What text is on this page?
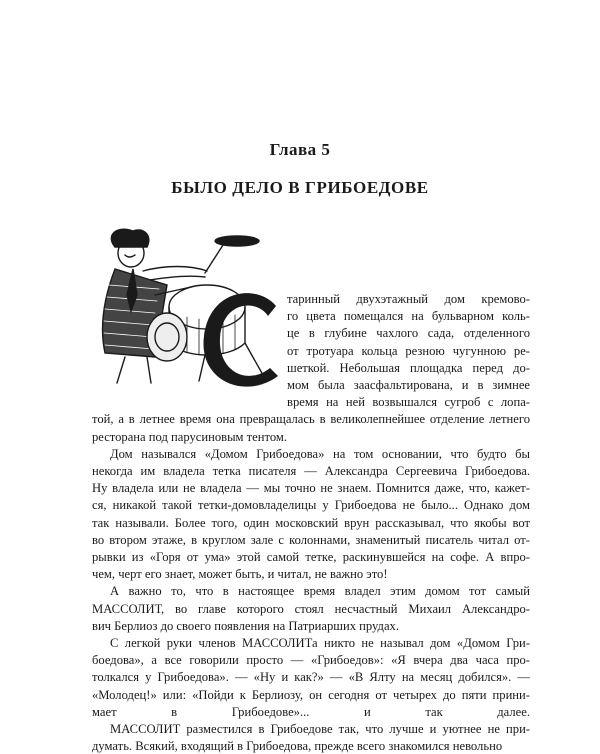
Глава 5
БЫЛО ДЕЛО В ГРИБОЕДОВЕ
С
таринный двухэтажный дом кремово-
го цвета помещался на бульварном коль-
це в глубине чахлого сада, отделенного
от тротуара кольца резною чугунною ре-
шеткой. Небольшая площадка перед до-
мом была заасфальтирована, и в зимнее
время на ней возвышался сугроб с лопа-
той, а в летнее время она превращалась в великолепнейшее отделение летнего
ресторана под парусиновым тентом.
Дом назывался «Домом Грибоедова» на том основании, что будто бы
некогда им владела тетка писателя — Александра Сергеевича Грибоедова.
Ну владела или не владела — мы точно не знаем. Помнится даже, что, кажет-
ся, никакой такой тетки-домовладелицы у Грибоедова не было... Однако дом
так называли. Более того, один московский врун рассказывал, что якобы вот
во втором этаже, в круглом зале с колоннами, знаменитый писатель читал от-
рывки из «Горя от ума» этой самой тетке, раскинувшейся на софе. А впро-
чем, черт его знает, может быть, и читал, не важно это!
А важно то, что в настоящее время владел этим домом тот самый
МАССОЛИТ, во главе которого стоял несчастный Михаил Александро-
вич Берлиоз до своего появления на Патриарших прудах.
С легкой руки членов МАССОЛИТа никто не называл дом «Домом Гри-
боедова», а все говорили просто — «Грибоедов»: «Я вчера два часа про-
толкался у Грибоедова». — «Ну и как?» — «В Ялту на месяц добился». —
«Молодец!» или: «Пойди к Берлиозу, он сегодня от четырех до пяти прини-
мает в Грибоедове»... и так далее.
МАССОЛИТ разместился в Грибоедове так, что лучше и уютнее не при-
думать. Всякий, входящий в Грибоедова, прежде всего знакомился невольно
